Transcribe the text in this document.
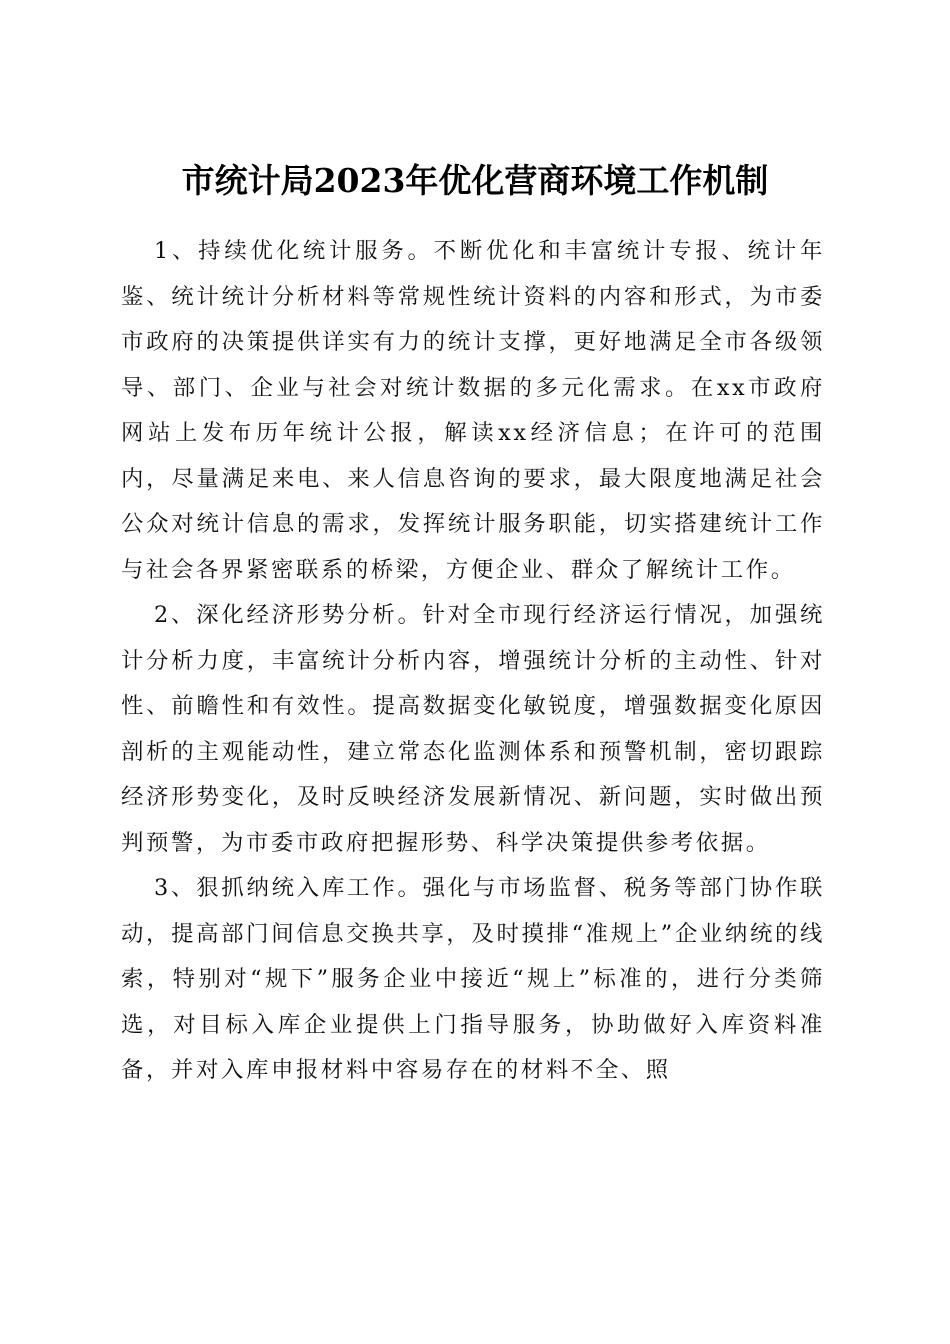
市统计局2023年优化营商环境工作机制

1、持续优化统计服务。不断优化和丰富统计专报、统计年鉴、统计统计分析材料等常规性统计资料的内容和形式，为市委市政府的决策提供详实有力的统计支撑，更好地满足全市各级领导、部门、企业与社会对统计数据的多元化需求。在xx市政府网站上发布历年统计公报，解读xx经济信息；在许可的范围内，尽量满足来电、来人信息咨询的要求，最大限度地满足社会公众对统计信息的需求，发挥统计服务职能，切实搭建统计工作与社会各界紧密联系的桥梁，方便企业、群众了解统计工作。

2、深化经济形势分析。针对全市现行经济运行情况，加强统计分析力度，丰富统计分析内容，增强统计分析的主动性、针对性、前瞻性和有效性。提高数据变化敏锐度，增强数据变化原因剖析的主观能动性，建立常态化监测体系和预警机制，密切跟踪经济形势变化，及时反映经济发展新情况、新问题，实时做出预判预警，为市委市政府把握形势、科学决策提供参考依据。

3、狠抓纳统入库工作。强化与市场监督、税务等部门协作联动，提高部门间信息交换共享，及时摸排“准规上”企业纳统的线索，特别对“规下”服务企业中接近“规上”标准的，进行分类筛选，对目标入库企业提供上门指导服务，协助做好入库资料准备，并对入库申报材料中容易存在的材料不全、照
